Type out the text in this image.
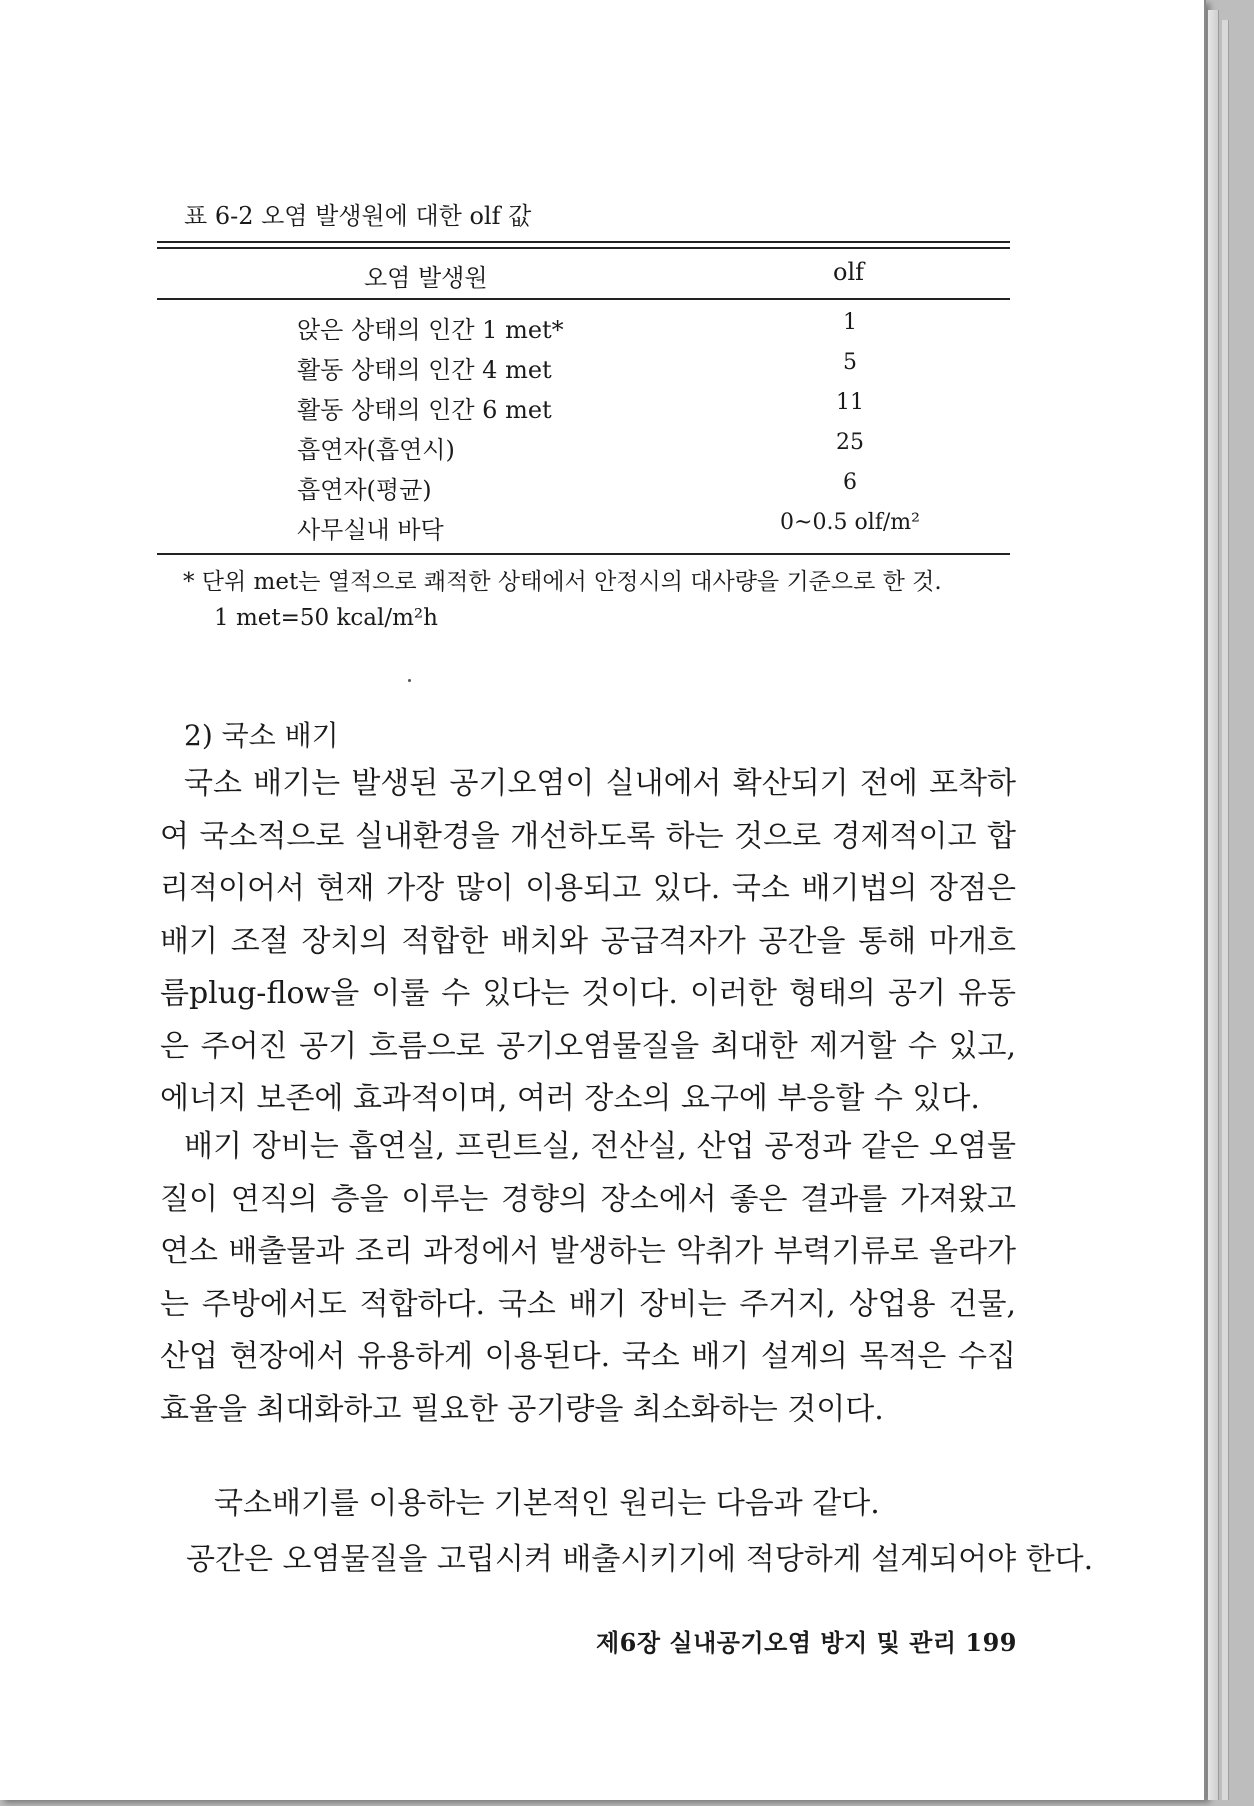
표 6-2 오염 발생원에 대한 olf 값
오염 발생원	olf
앉은 상태의 인간 1 met*	1
활동 상태의 인간 4 met	5
활동 상태의 인간 6 met	11
흡연자(흡연시)	25
흡연자(평균)	6
사무실내 바닥	0~0.5 olf/m²
* 단위 met는 열적으로 쾌적한 상태에서 안정시의 대사량을 기준으로 한 것.
1 met=50 kcal/m²h
2) 국소 배기

국소 배기는 발생된 공기오염이 실내에서 확산되기 전에 포착하여 국소적으로 실내환경을 개선하도록 하는 것으로 경제적이고 합리적이어서 현재 가장 많이 이용되고 있다. 국소 배기법의 장점은 배기 조절 장치의 적합한 배치와 공급격자가 공간을 통해 마개흐름plug-flow을 이룰 수 있다는 것이다. 이러한 형태의 공기 유동은 주어진 공기 흐름으로 공기오염물질을 최대한 제거할 수 있고, 에너지 보존에 효과적이며, 여러 장소의 요구에 부응할 수 있다.

배기 장비는 흡연실, 프린트실, 전산실, 산업 공정과 같은 오염물질이 연직의 층을 이루는 경향의 장소에서 좋은 결과를 가져왔고 연소 배출물과 조리 과정에서 발생하는 악취가 부력기류로 올라가는 주방에서도 적합하다. 국소 배기 장비는 주거지, 상업용 건물, 산업 현장에서 유용하게 이용된다. 국소 배기 설계의 목적은 수집 효율을 최대화하고 필요한 공기량을 최소화하는 것이다.

국소배기를 이용하는 기본적인 원리는 다음과 같다.
공간은 오염물질을 고립시켜 배출시키기에 적당하게 설계되어야 한다.
제6장 실내공기오염 방지 및 관리 199
